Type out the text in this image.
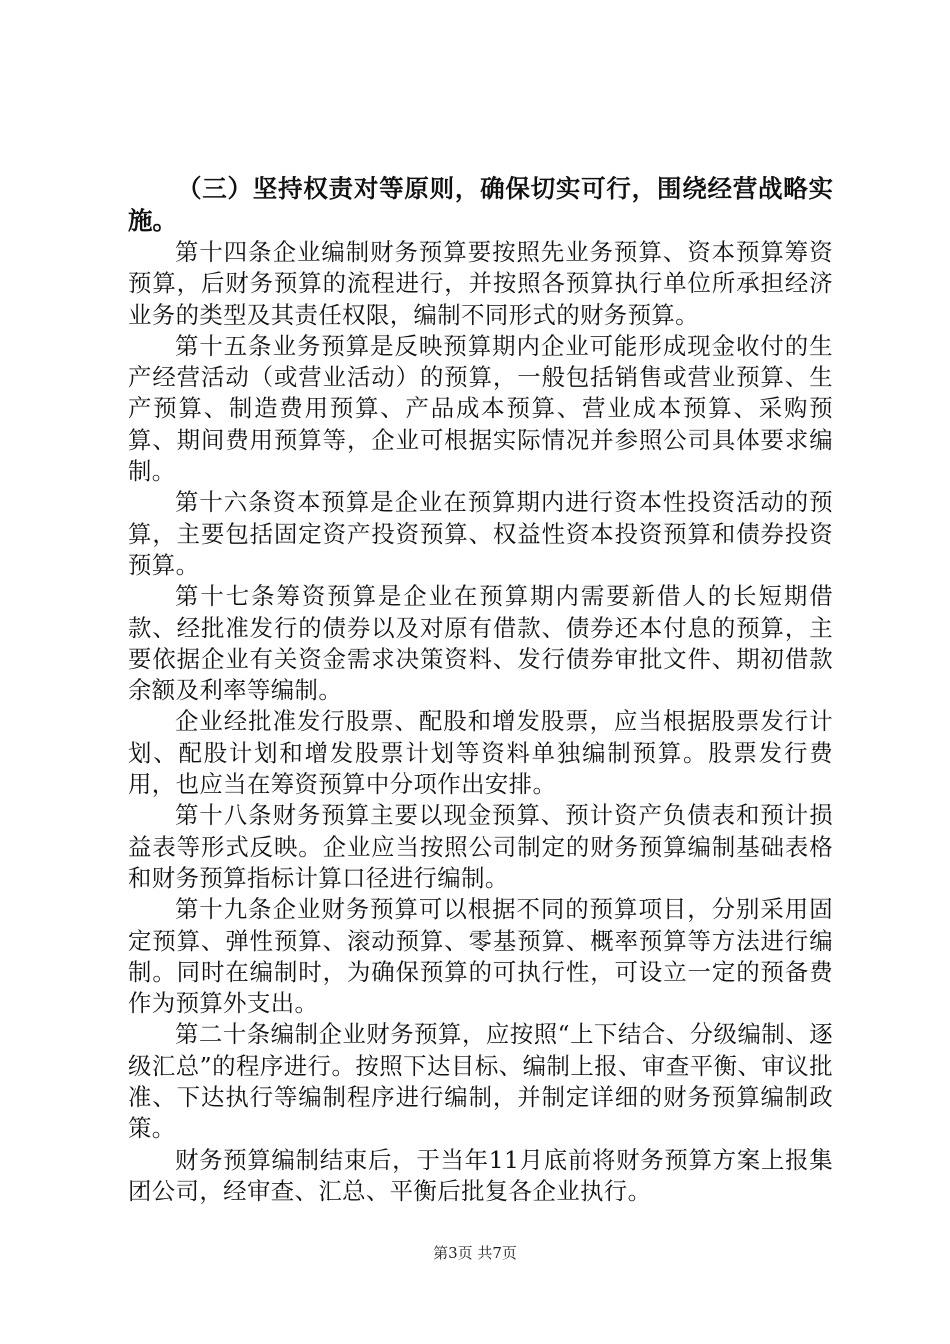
（三）坚持权责对等原则，确保切实可行，围绕经营战略实施。

第十四条企业编制财务预算要按照先业务预算、资本预算筹资预算，后财务预算的流程进行，并按照各预算执行单位所承担经济业务的类型及其责任权限，编制不同形式的财务预算。

第十五条业务预算是反映预算期内企业可能形成现金收付的生产经营活动（或营业活动）的预算，一般包括销售或营业预算、生产预算、制造费用预算、产品成本预算、营业成本预算、采购预算、期间费用预算等，企业可根据实际情况并参照公司具体要求编制。

第十六条资本预算是企业在预算期内进行资本性投资活动的预算，主要包括固定资产投资预算、权益性资本投资预算和债券投资预算。

第十七条筹资预算是企业在预算期内需要新借人的长短期借款、经批准发行的债券以及对原有借款、债券还本付息的预算，主要依据企业有关资金需求决策资料、发行债券审批文件、期初借款余额及利率等编制。

企业经批准发行股票、配股和增发股票，应当根据股票发行计划、配股计划和增发股票计划等资料单独编制预算。股票发行费用，也应当在筹资预算中分项作出安排。

第十八条财务预算主要以现金预算、预计资产负债表和预计损益表等形式反映。企业应当按照公司制定的财务预算编制基础表格和财务预算指标计算口径进行编制。

第十九条企业财务预算可以根据不同的预算项目，分别采用固定预算、弹性预算、滚动预算、零基预算、概率预算等方法进行编制。同时在编制时，为确保预算的可执行性，可设立一定的预备费作为预算外支出。

第二十条编制企业财务预算，应按照“上下结合、分级编制、逐级汇总”的程序进行。按照下达目标、编制上报、审查平衡、审议批准、下达执行等编制程序进行编制，并制定详细的财务预算编制政策。

财务预算编制结束后，于当年11月底前将财务预算方案上报集团公司，经审查、汇总、平衡后批复各企业执行。

第3页 共7页
